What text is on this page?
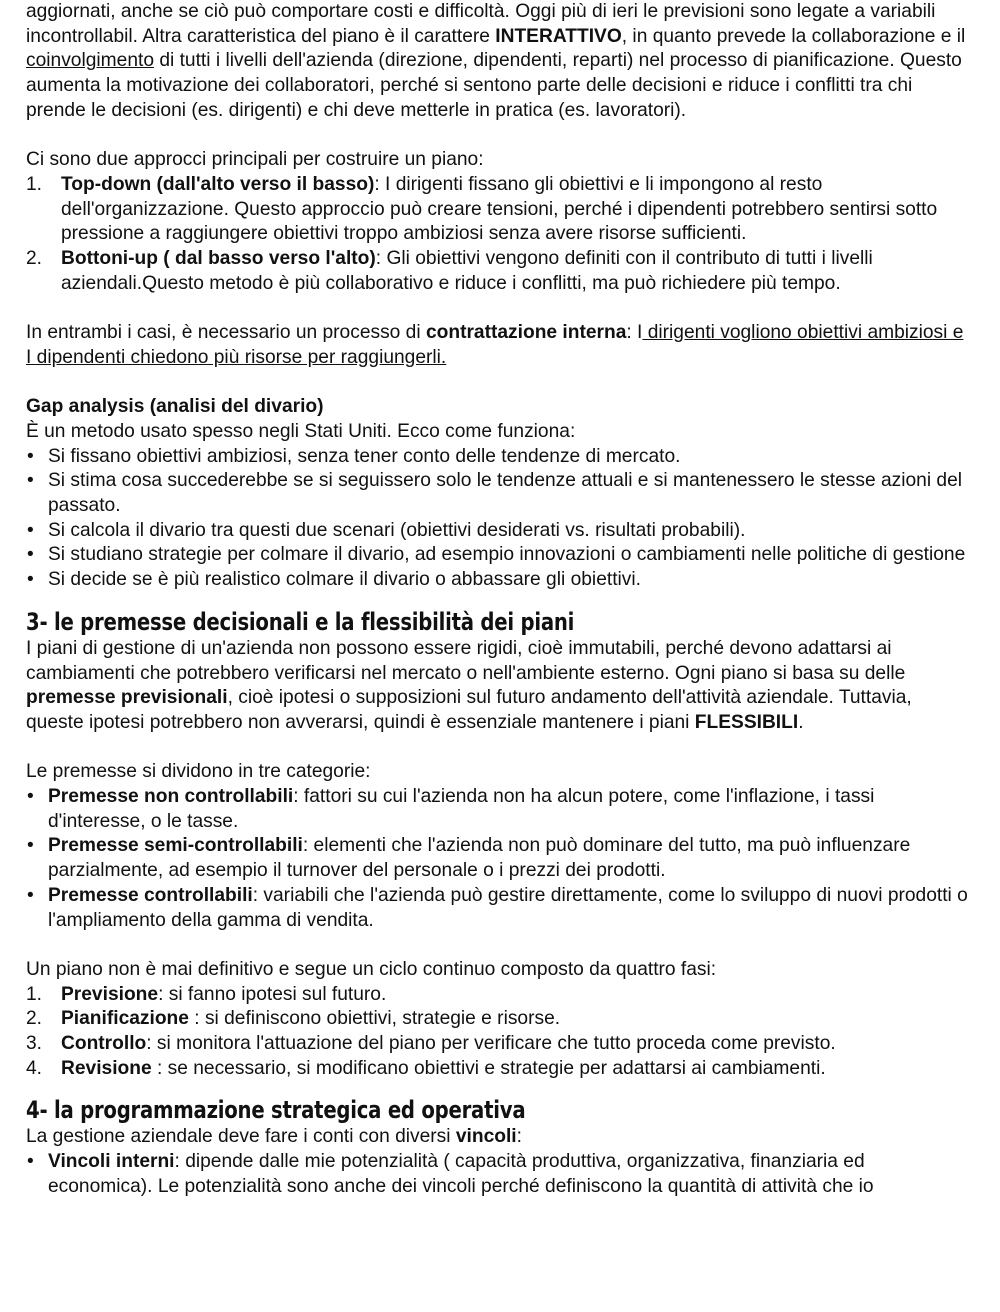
aggiornati, anche se ciò può comportare costi e difficoltà. Oggi più di ieri le previsioni sono legate a variabili incontrollabil. Altra caratteristica del piano è il carattere INTERATTIVO, in quanto prevede la collaborazione e il coinvolgimento di tutti i livelli dell'azienda (direzione, dipendenti, reparti) nel processo di pianificazione. Questo aumenta la motivazione dei collaboratori, perché si sentono parte delle decisioni e riduce i conflitti tra chi prende le decisioni (es. dirigenti) e chi deve metterle in pratica (es. lavoratori).

Ci sono due approcci principali per costruire un piano:

1. Top-down (dall'alto verso il basso): I dirigenti fissano gli obiettivi e li impongono al resto dell'organizzazione. Questo approccio può creare tensioni, perché i dipendenti potrebbero sentirsi sotto pressione a raggiungere obiettivi troppo ambiziosi senza avere risorse sufficienti.
2. Bottoni-up ( dal basso verso l'alto): Gli obiettivi vengono definiti con il contributo di tutti i livelli aziendali.Questo metodo è più collaborativo e riduce i conflitti, ma può richiedere più tempo.

In entrambi i casi, è necessario un processo di contrattazione interna: I dirigenti vogliono obiettivi ambiziosi e I dipendenti chiedono più risorse per raggiungerli.

Gap analysis (analisi del divario)

È un metodo usato spesso negli Stati Uniti. Ecco come funziona:

• Si fissano obiettivi ambiziosi, senza tener conto delle tendenze di mercato.
• Si stima cosa succederebbe se si seguissero solo le tendenze attuali e si mantenessero le stesse azioni del passato.
• Si calcola il divario tra questi due scenari (obiettivi desiderati vs. risultati probabili).
• Si studiano strategie per colmare il divario, ad esempio innovazioni o cambiamenti nelle politiche di gestione
• Si decide se è più realistico colmare il divario o abbassare gli obiettivi.
3- le premesse decisionali e la flessibilità dei piani

I piani di gestione di un'azienda non possono essere rigidi, cioè immutabili, perché devono adattarsi ai cambiamenti che potrebbero verificarsi nel mercato o nell'ambiente esterno. Ogni piano si basa su delle premesse previsionali, cioè ipotesi o supposizioni sul futuro andamento dell'attività aziendale. Tuttavia, queste ipotesi potrebbero non avverarsi, quindi è essenziale mantenere i piani FLESSIBILI.

Le premesse si dividono in tre categorie:

• Premesse non controllabili: fattori su cui l'azienda non ha alcun potere, come l'inflazione, i tassi d'interesse, o le tasse.
• Premesse semi-controllabili: elementi che l'azienda non può dominare del tutto, ma può influenzare parzialmente, ad esempio il turnover del personale o i prezzi dei prodotti.
• Premesse controllabili: variabili che l'azienda può gestire direttamente, come lo sviluppo di nuovi prodotti o l'ampliamento della gamma di vendita.

Un piano non è mai definitivo e segue un ciclo continuo composto da quattro fasi:

1. Previsione: si fanno ipotesi sul futuro.
2. Pianificazione : si definiscono obiettivi, strategie e risorse.
3. Controllo: si monitora l'attuazione del piano per verificare che tutto proceda come previsto.
4. Revisione : se necessario, si modificano obiettivi e strategie per adattarsi ai cambiamenti.
4- la programmazione strategica ed operativa

La gestione aziendale deve fare i conti con diversi vincoli:

• Vincoli interni: dipende dalle mie potenzialità ( capacità produttiva, organizzativa, finanziaria ed economica). Le potenzialità sono anche dei vincoli perché definiscono la quantità di attività che io
